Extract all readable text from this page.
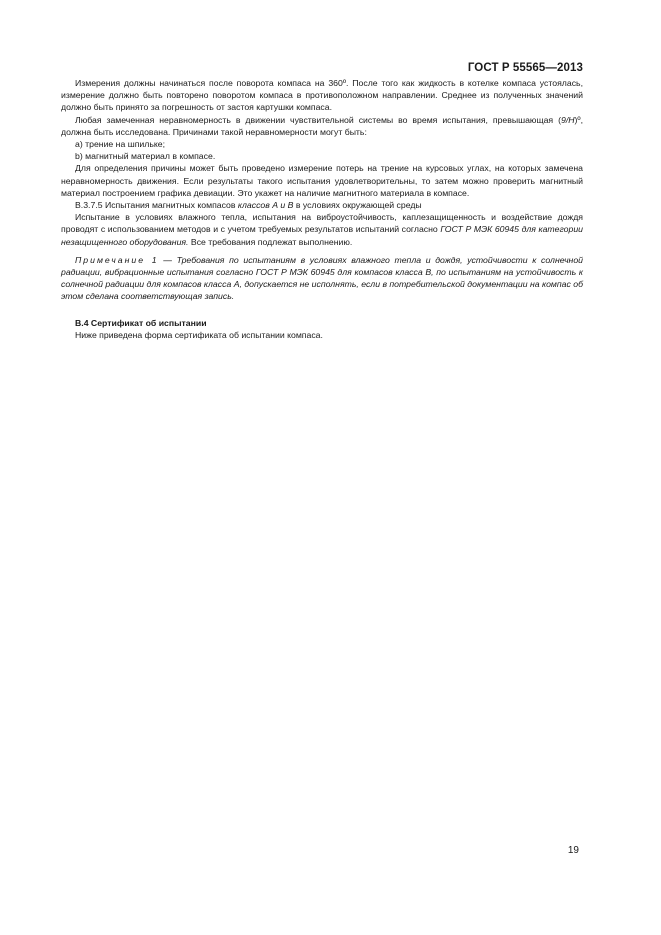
ГОСТ Р 55565—2013

Измерения должны начинаться после поворота компаса на 360º. После того как жидкость в котелке компаса устоялась, измерение должно быть повторено поворотом компаса в противоположном направлении. Среднее из полученных значений должно быть принято за погрешность от застоя картушки компаса.

Любая замеченная неравномерность в движении чувствительной системы во время испытания, превышающая (9/H)º, должна быть исследована. Причинами такой неравномерности могут быть:

а) трение на шпильке;

b) магнитный материал в компасе.

Для определения причины может быть проведено измерение потерь на трение на курсовых углах, на которых замечена неравномерность движения. Если результаты такого испытания удовлетворительны, то затем можно проверить магнитный материал построением графика девиации. Это укажет на наличие магнитного материала в компасе.

В.3.7.5 Испытания магнитных компасов классов А и В в условиях окружающей среды

Испытание в условиях влажного тепла, испытания на виброустойчивость, каплезащищенность и воздействие дождя проводят с использованием методов и с учетом требуемых результатов испытаний согласно ГОСТ Р МЭК 60945 для категории незащищенного оборудования. Все требования подлежат выполнению.

Примечание 1 — Требования по испытаниям в условиях влажного тепла и дождя, устойчивости к солнечной радиации, вибрационные испытания согласно ГОСТ Р МЭК 60945 для компасов класса В, по испытаниям на устойчивость к солнечной радиации для компасов класса А, допускается не исполнять, если в потребительской документации на компас об этом сделана соответствующая запись.

В.4 Сертификат об испытании

Ниже приведена форма сертификата об испытании компаса.

19
